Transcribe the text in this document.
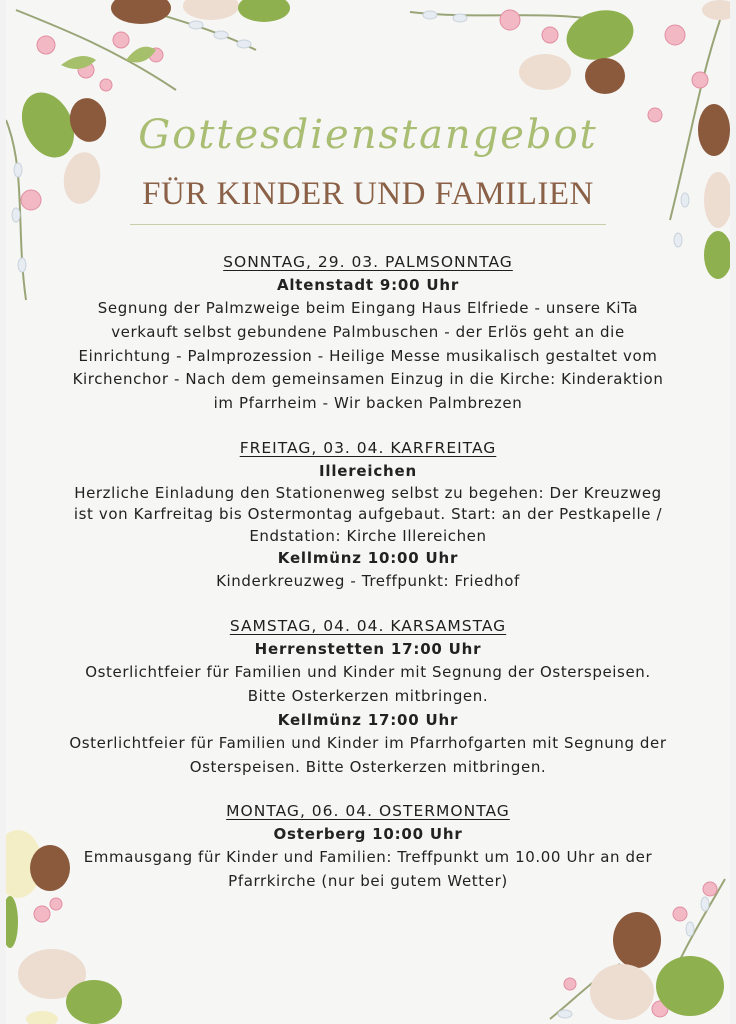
Gottesdienstangebot
FÜR KINDER UND FAMILIEN
SONNTAG, 29. 03. PALMSONNTAG
Altenstadt 9:00 Uhr
Segnung der Palmzweige beim Eingang Haus Elfriede - unsere KiTa verkauft selbst gebundene Palmbuschen - der Erlös geht an die Einrichtung - Palmprozession - Heilige Messe musikalisch gestaltet vom Kirchenchor - Nach dem gemeinsamen Einzug in die Kirche: Kinderaktion im Pfarrheim - Wir backen Palmbrezen
FREITAG, 03. 04. KARFREITAG
Illereichen
Herzliche Einladung den Stationenweg selbst zu begehen: Der Kreuzweg ist von Karfreitag bis Ostermontag aufgebaut. Start: an der Pestkapelle / Endstation: Kirche Illereichen
Kellmünz 10:00 Uhr
Kinderkreuzweg - Treffpunkt: Friedhof
SAMSTAG, 04. 04. KARSAMSTAG
Herrenstetten 17:00 Uhr
Osterlichtfeier für Familien und Kinder mit Segnung der Osterspeisen. Bitte Osterkerzen mitbringen.
Kellmünz 17:00 Uhr
Osterlichtfeier für Familien und Kinder im Pfarrhofgarten mit Segnung der Osterspeisen. Bitte Osterkerzen mitbringen.
MONTAG, 06. 04. OSTERMONTAG
Osterberg 10:00 Uhr
Emmausgang für Kinder und Familien: Treffpunkt um 10.00 Uhr an der Pfarrkirche (nur bei gutem Wetter)
